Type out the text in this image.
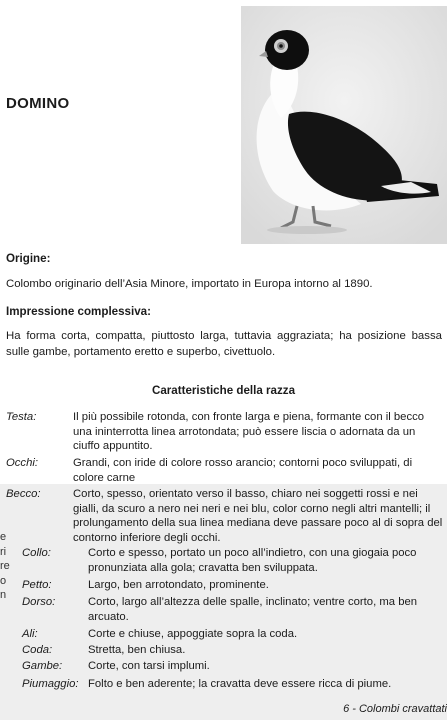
DOMINO
Origine:
Colombo originario dell’Asia Minore, importato in Europa intorno al 1890.
Impressione complessiva:
Ha forma corta, compatta, piuttosto larga, tuttavia aggraziata; ha posizione bassa sulle gambe, portamento eretto e superbo, civettuolo.
Caratteristiche della razza
e
ri
re
o
n
Testa:	Il più possibile rotonda, con fronte larga e piena, formante con il becco una ininterrotta linea arrotondata; può essere liscia o adornata da un ciuffo appuntito.
Occhi:	Grandi, con iride di colore rosso arancio; contorni poco sviluppati, di colore carne
Becco:	Corto, spesso, orientato verso il basso, chiaro nei soggetti rossi e nei gialli, da scuro a nero nei neri e nei blu, color corno negli altri mantelli; il prolungamento della sua linea mediana deve passare poco al di sopra del contorno inferiore degli occhi.
Collo:	Corto e spesso, portato un poco all’indietro, con una giogaia poco pronunziata alla gola; cravatta ben sviluppata.
Petto:	Largo, ben arrotondato, prominente.
Dorso:	Corto, largo all’altezza delle spalle, inclinato; ventre corto, ma ben arcuato.
Ali:	Corte e chiuse, appoggiate sopra la coda.
Coda:	Stretta, ben chiusa.
Gambe: Corte, con tarsi implumi.
Piumaggio: Folto e ben aderente; la cravatta deve essere ricca di piume.
6 - Colombi cravattati
